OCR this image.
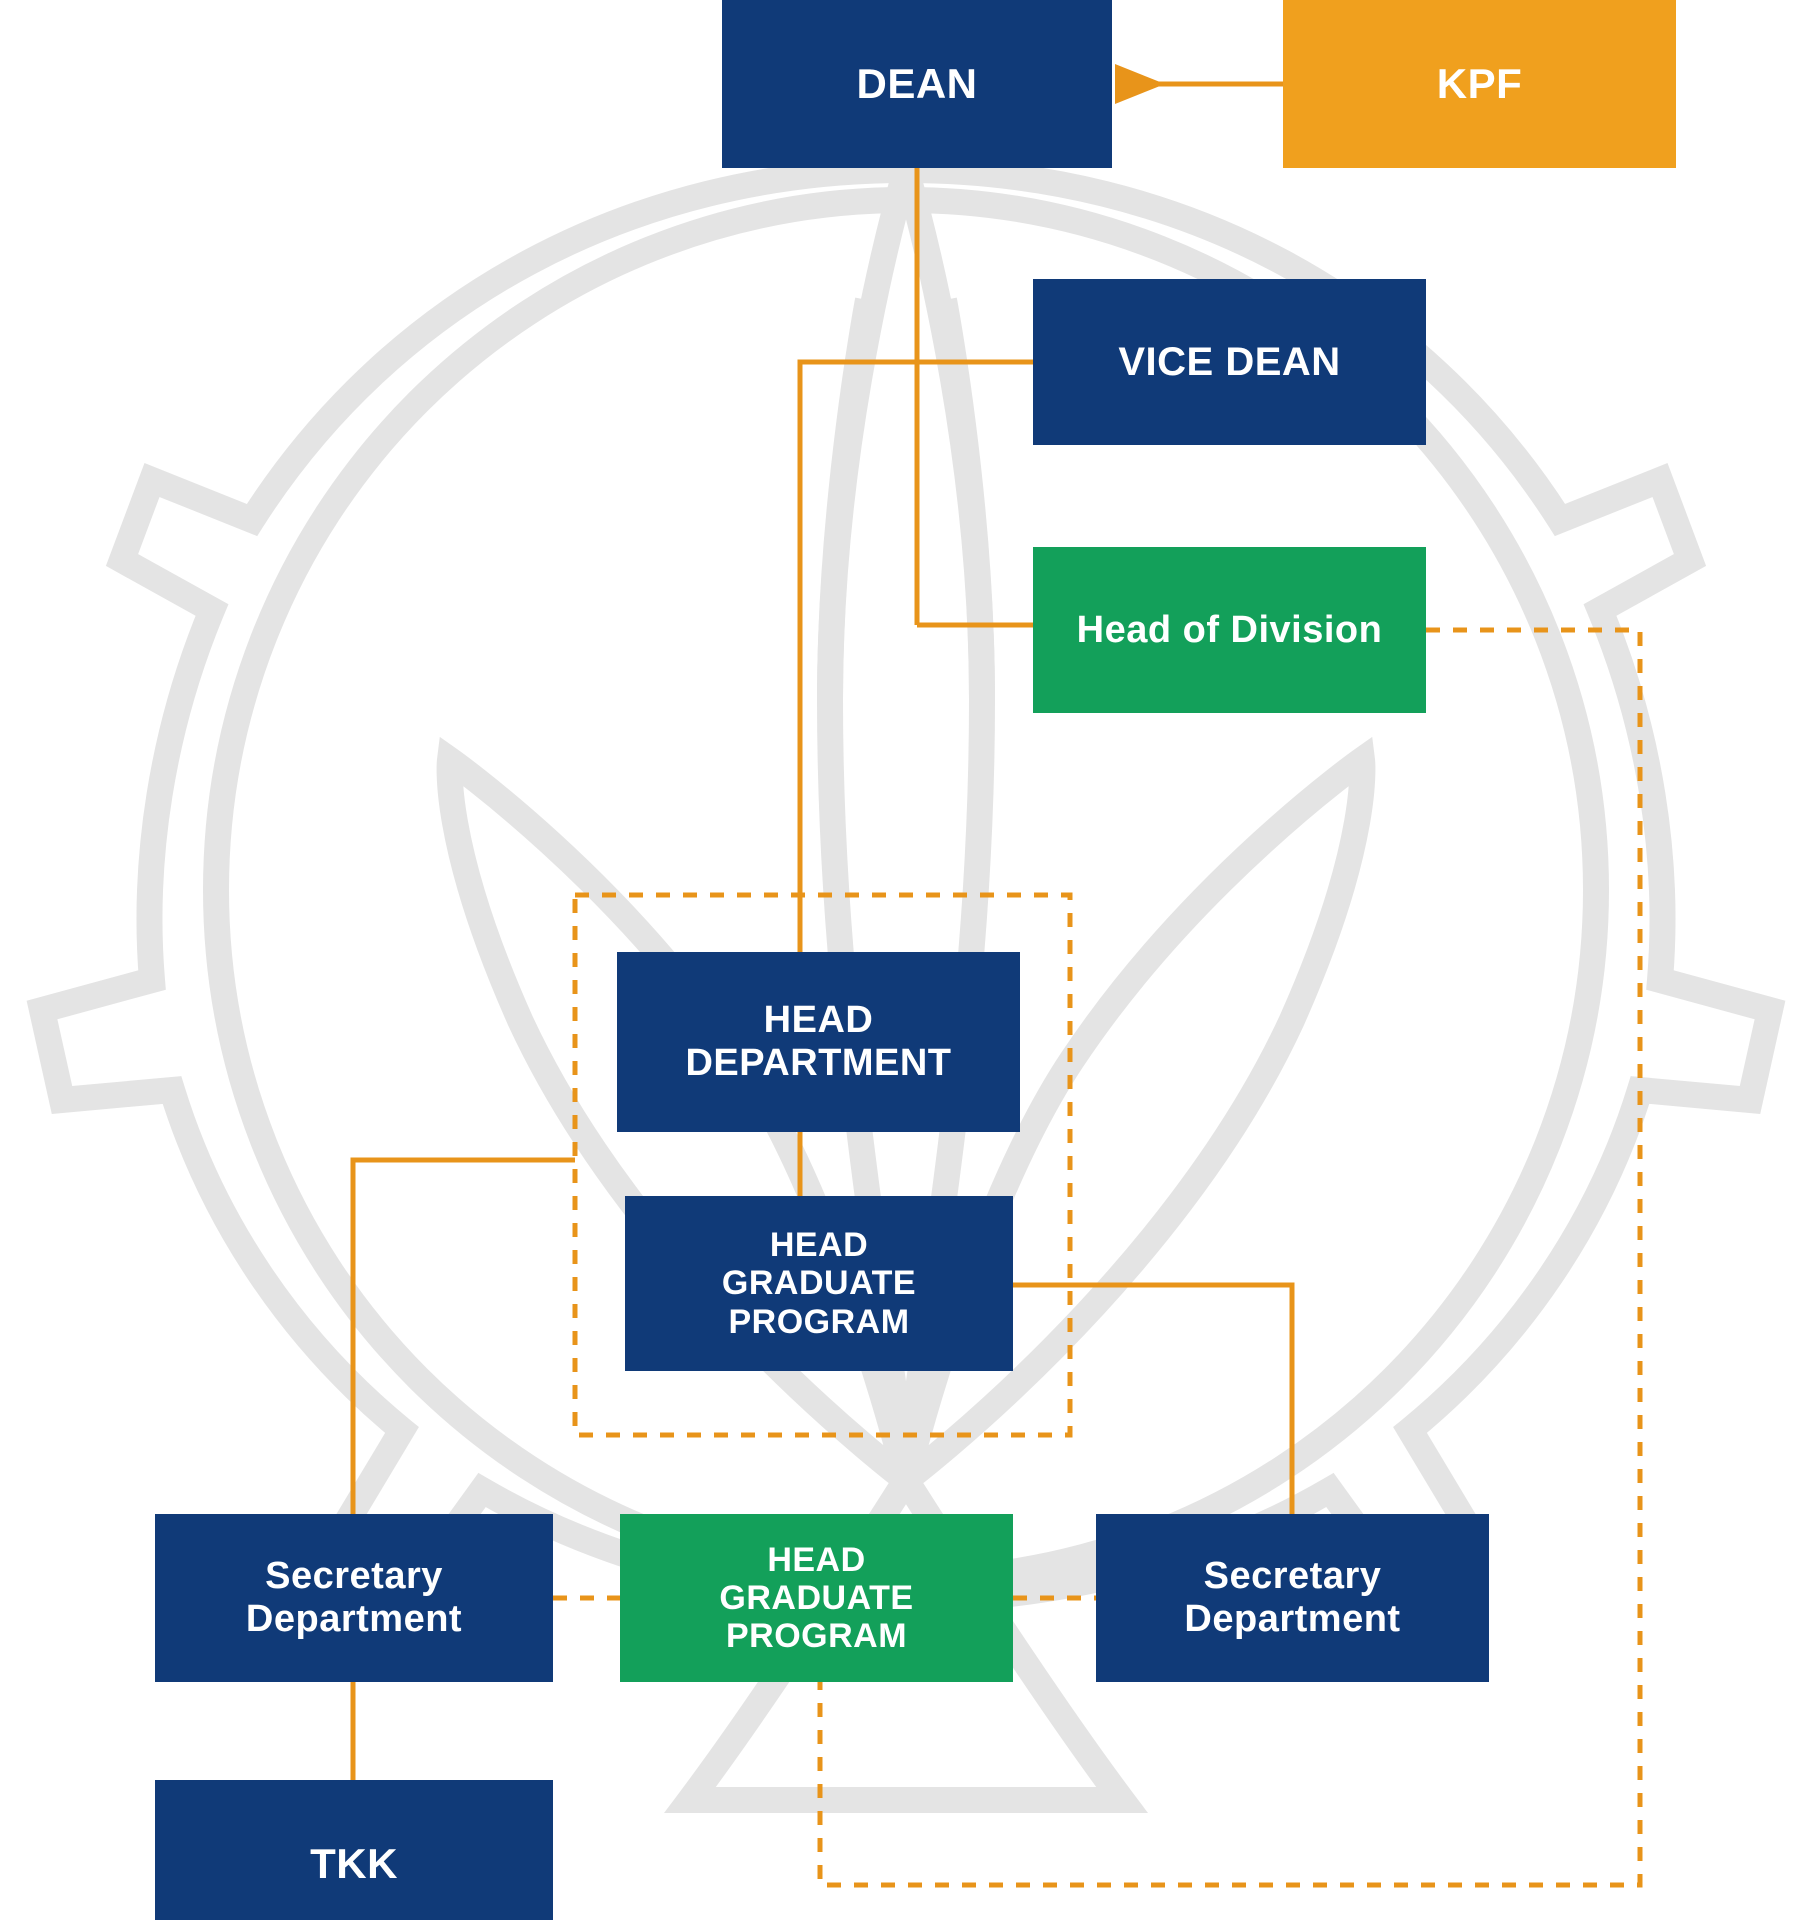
DEAN	KPF
VICE DEAN
Head of Division
HEAD
DEPARTMENT
HEAD
GRADUATE PROGRAM
Secretary
Department
HEAD
GRADUATE PROGRAM
Secretary
Department
TKK
